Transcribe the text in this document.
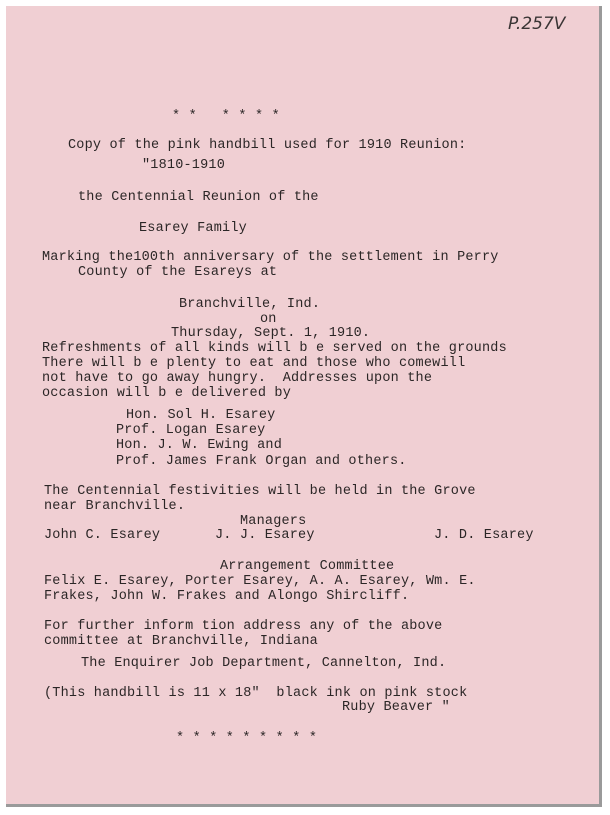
P.257V
* *   * * * *
Copy of the pink handbill used for 1910 Reunion:
"1810-1910
the Centennial Reunion of the
Esarey Family
Marking the100th anniversary of the settlement in Perry
County of the Esareys at
Branchville, Ind.
on
Thursday, Sept. 1, 1910.
Refreshments of all kinds will b e served on the grounds
There will b e plenty to eat and those who comewill
not have to go away hungry.  Addresses upon the
occasion will b e delivered by
Hon. Sol H. Esarey
Prof. Logan Esarey
Hon. J. W. Ewing and
Prof. James Frank Organ and others.
The Centennial festivities will be held in the Grove
near Branchville.
Managers
John C. Esarey	J. J. Esarey	J. D. Esarey
Arrangement Committee
Felix E. Esarey, Porter Esarey, A. A. Esarey, Wm. E.
Frakes, John W. Frakes and Alongo Shircliff.
For further inform tion address any of the above
committee at Branchville, Indiana
The Enquirer Job Department, Cannelton, Ind.
(This handbill is 11 x 18"  black ink on pink stock
Ruby Beaver "
* * * * * * * * *
